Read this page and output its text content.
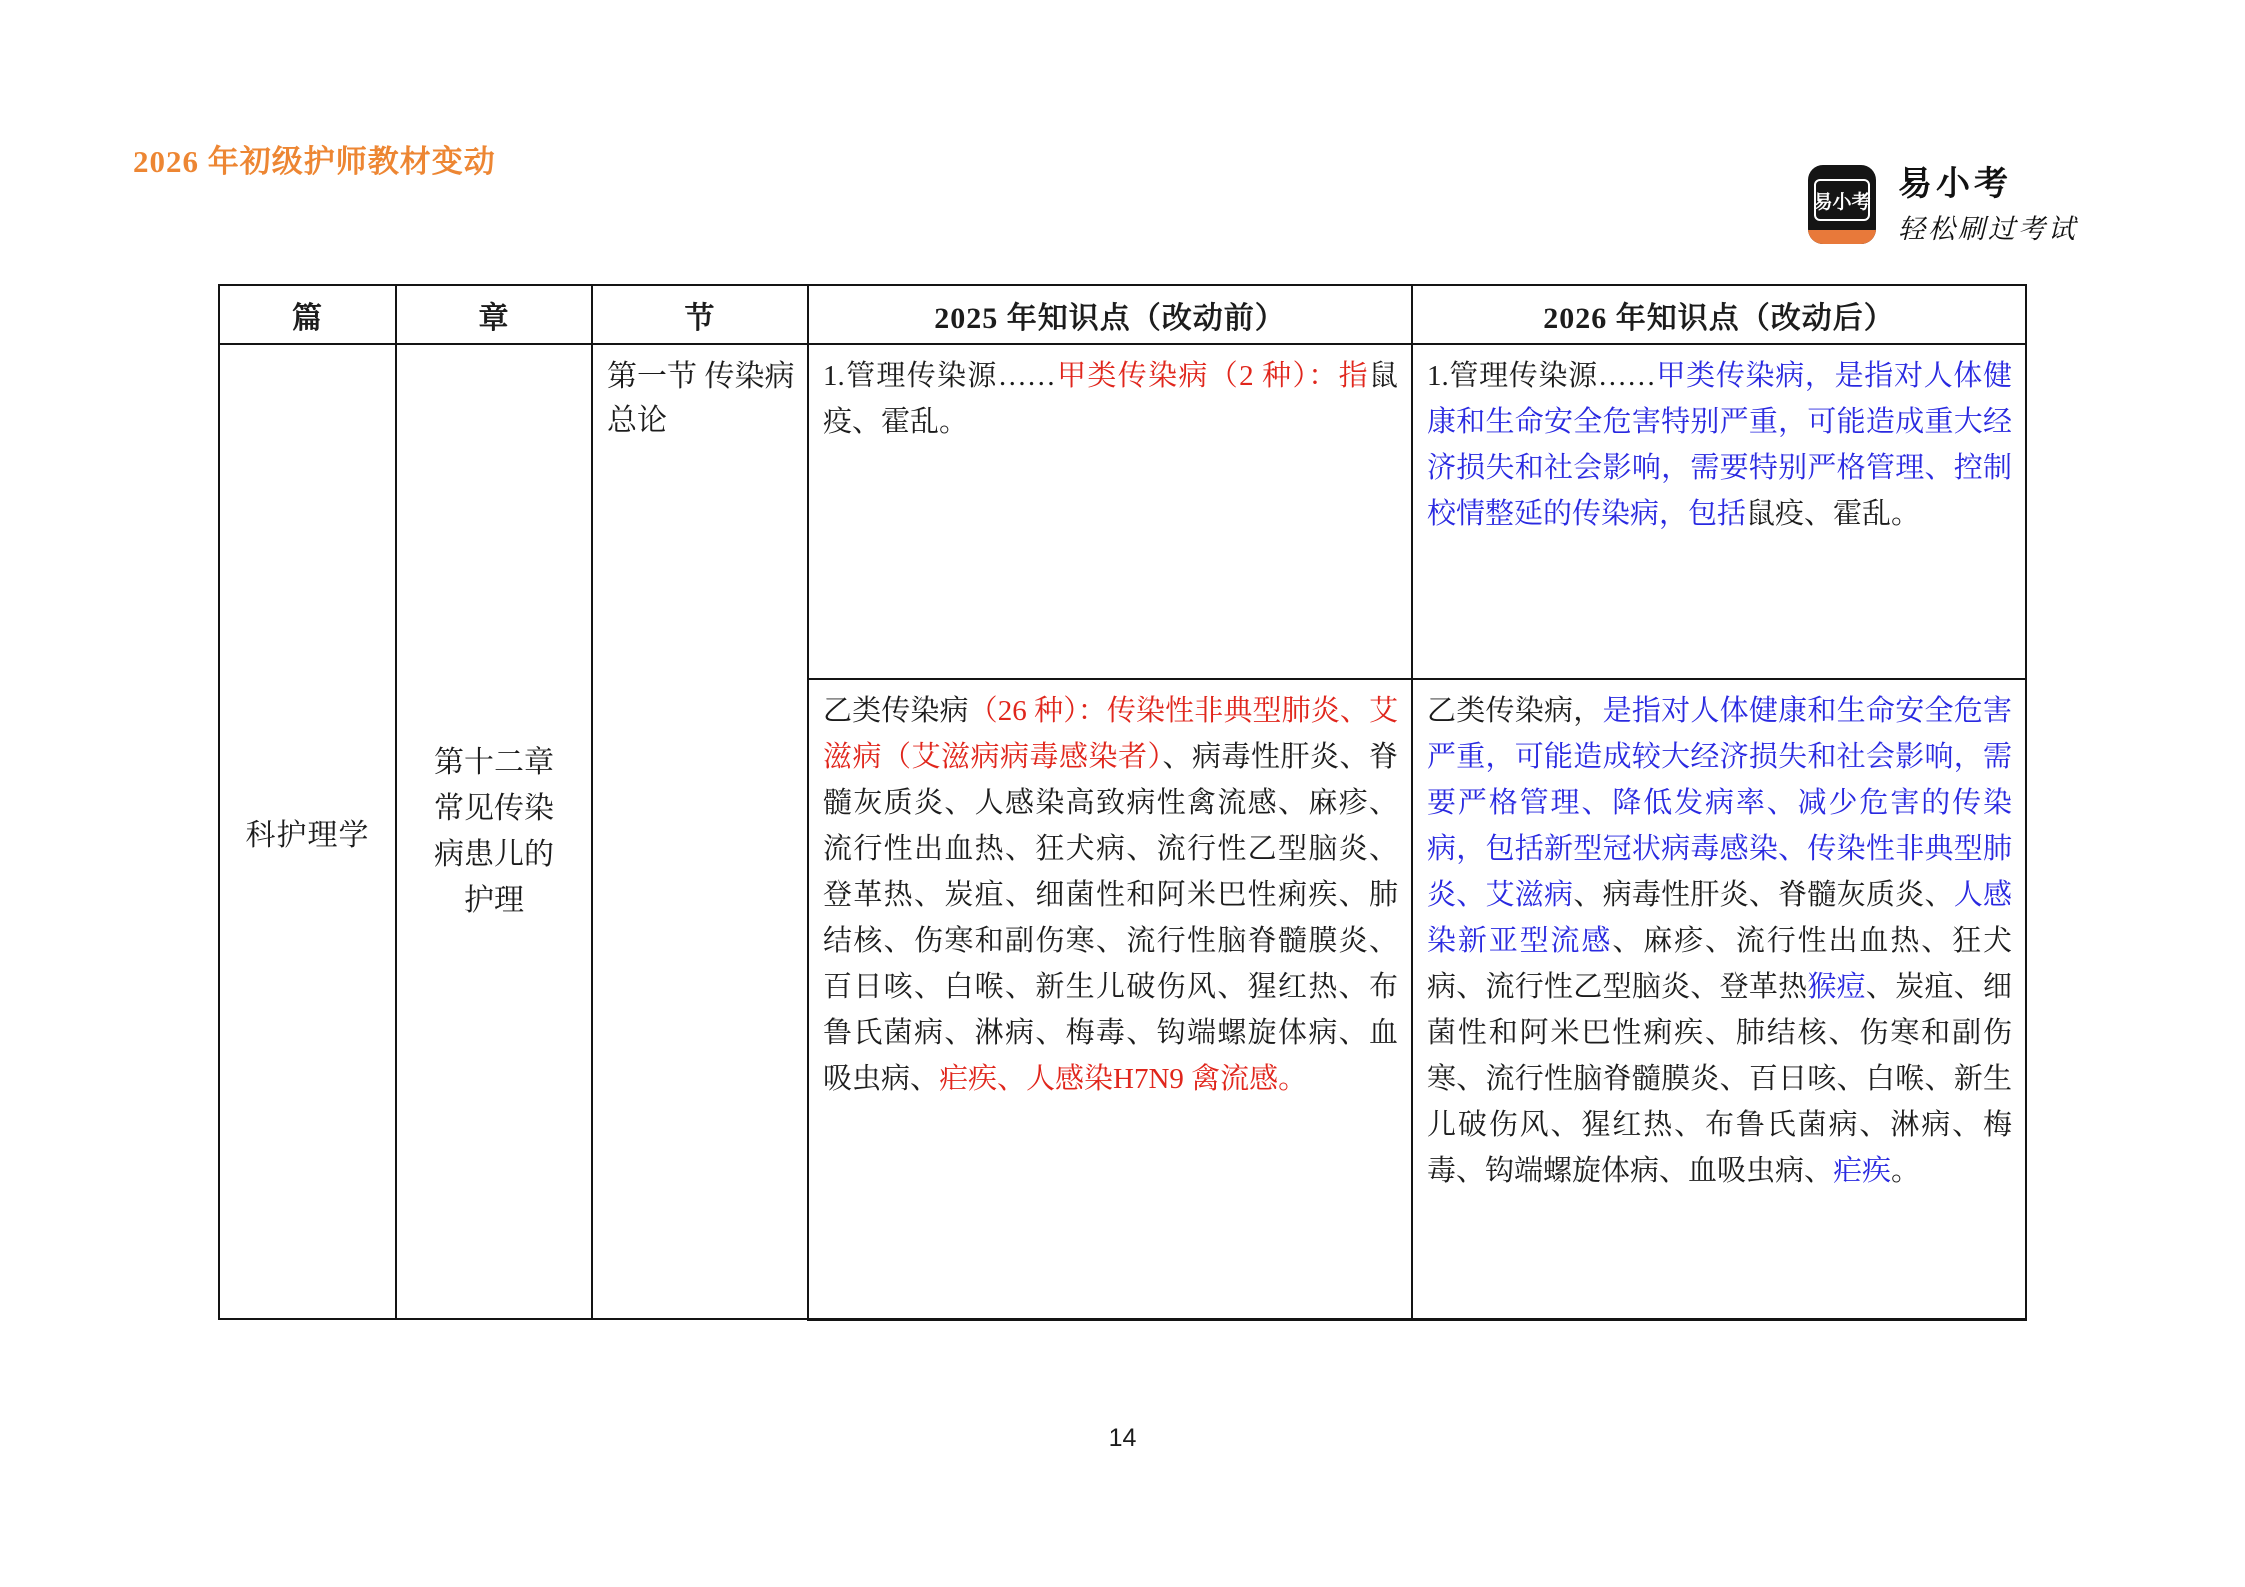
2026 年初级护师教材变动
易小考 易小考
轻松刷过考试
篇	章	节	2025 年知识点（改动前）	2026 年知识点（改动后）
科护理学	第十二章
常见传染
病患儿的
护理	第一节 传染病总论	1.管理传染源……甲类传染病（2 种）：指鼠疫、霍乱。	1.管理传染源……甲类传染病，是指对人体健康和生命安全危害特别严重，可能造成重大经济损失和社会影响，需要特别严格管理、控制校情整延的传染病，包括鼠疫、霍乱。
			乙类传染病（26 种）：传染性非典型肺炎、艾滋病（艾滋病病毒感染者）、病毒性肝炎、脊髓灰质炎、人感染高致病性禽流感、麻疹、流行性出血热、狂犬病、流行性乙型脑炎、登革热、炭疽、细菌性和阿米巴性痢疾、肺结核、伤寒和副伤寒、流行性脑脊髓膜炎、百日咳、白喉、新生儿破伤风、猩红热、布鲁氏菌病、淋病、梅毒、钩端螺旋体病、血吸虫病、疟疾、人感染H7N9 禽流感。	乙类传染病，是指对人体健康和生命安全危害严重，可能造成较大经济损失和社会影响，需要严格管理、降低发病率、减少危害的传染病，包括新型冠状病毒感染、传染性非典型肺炎、艾滋病、病毒性肝炎、脊髓灰质炎、人感染新亚型流感、麻疹、流行性出血热、狂犬病、流行性乙型脑炎、登革热猴痘、炭疽、细菌性和阿米巴性痢疾、肺结核、伤寒和副伤寒、流行性脑脊髓膜炎、百日咳、白喉、新生儿破伤风、猩红热、布鲁氏菌病、淋病、梅毒、钩端螺旋体病、血吸虫病、疟疾。
14
